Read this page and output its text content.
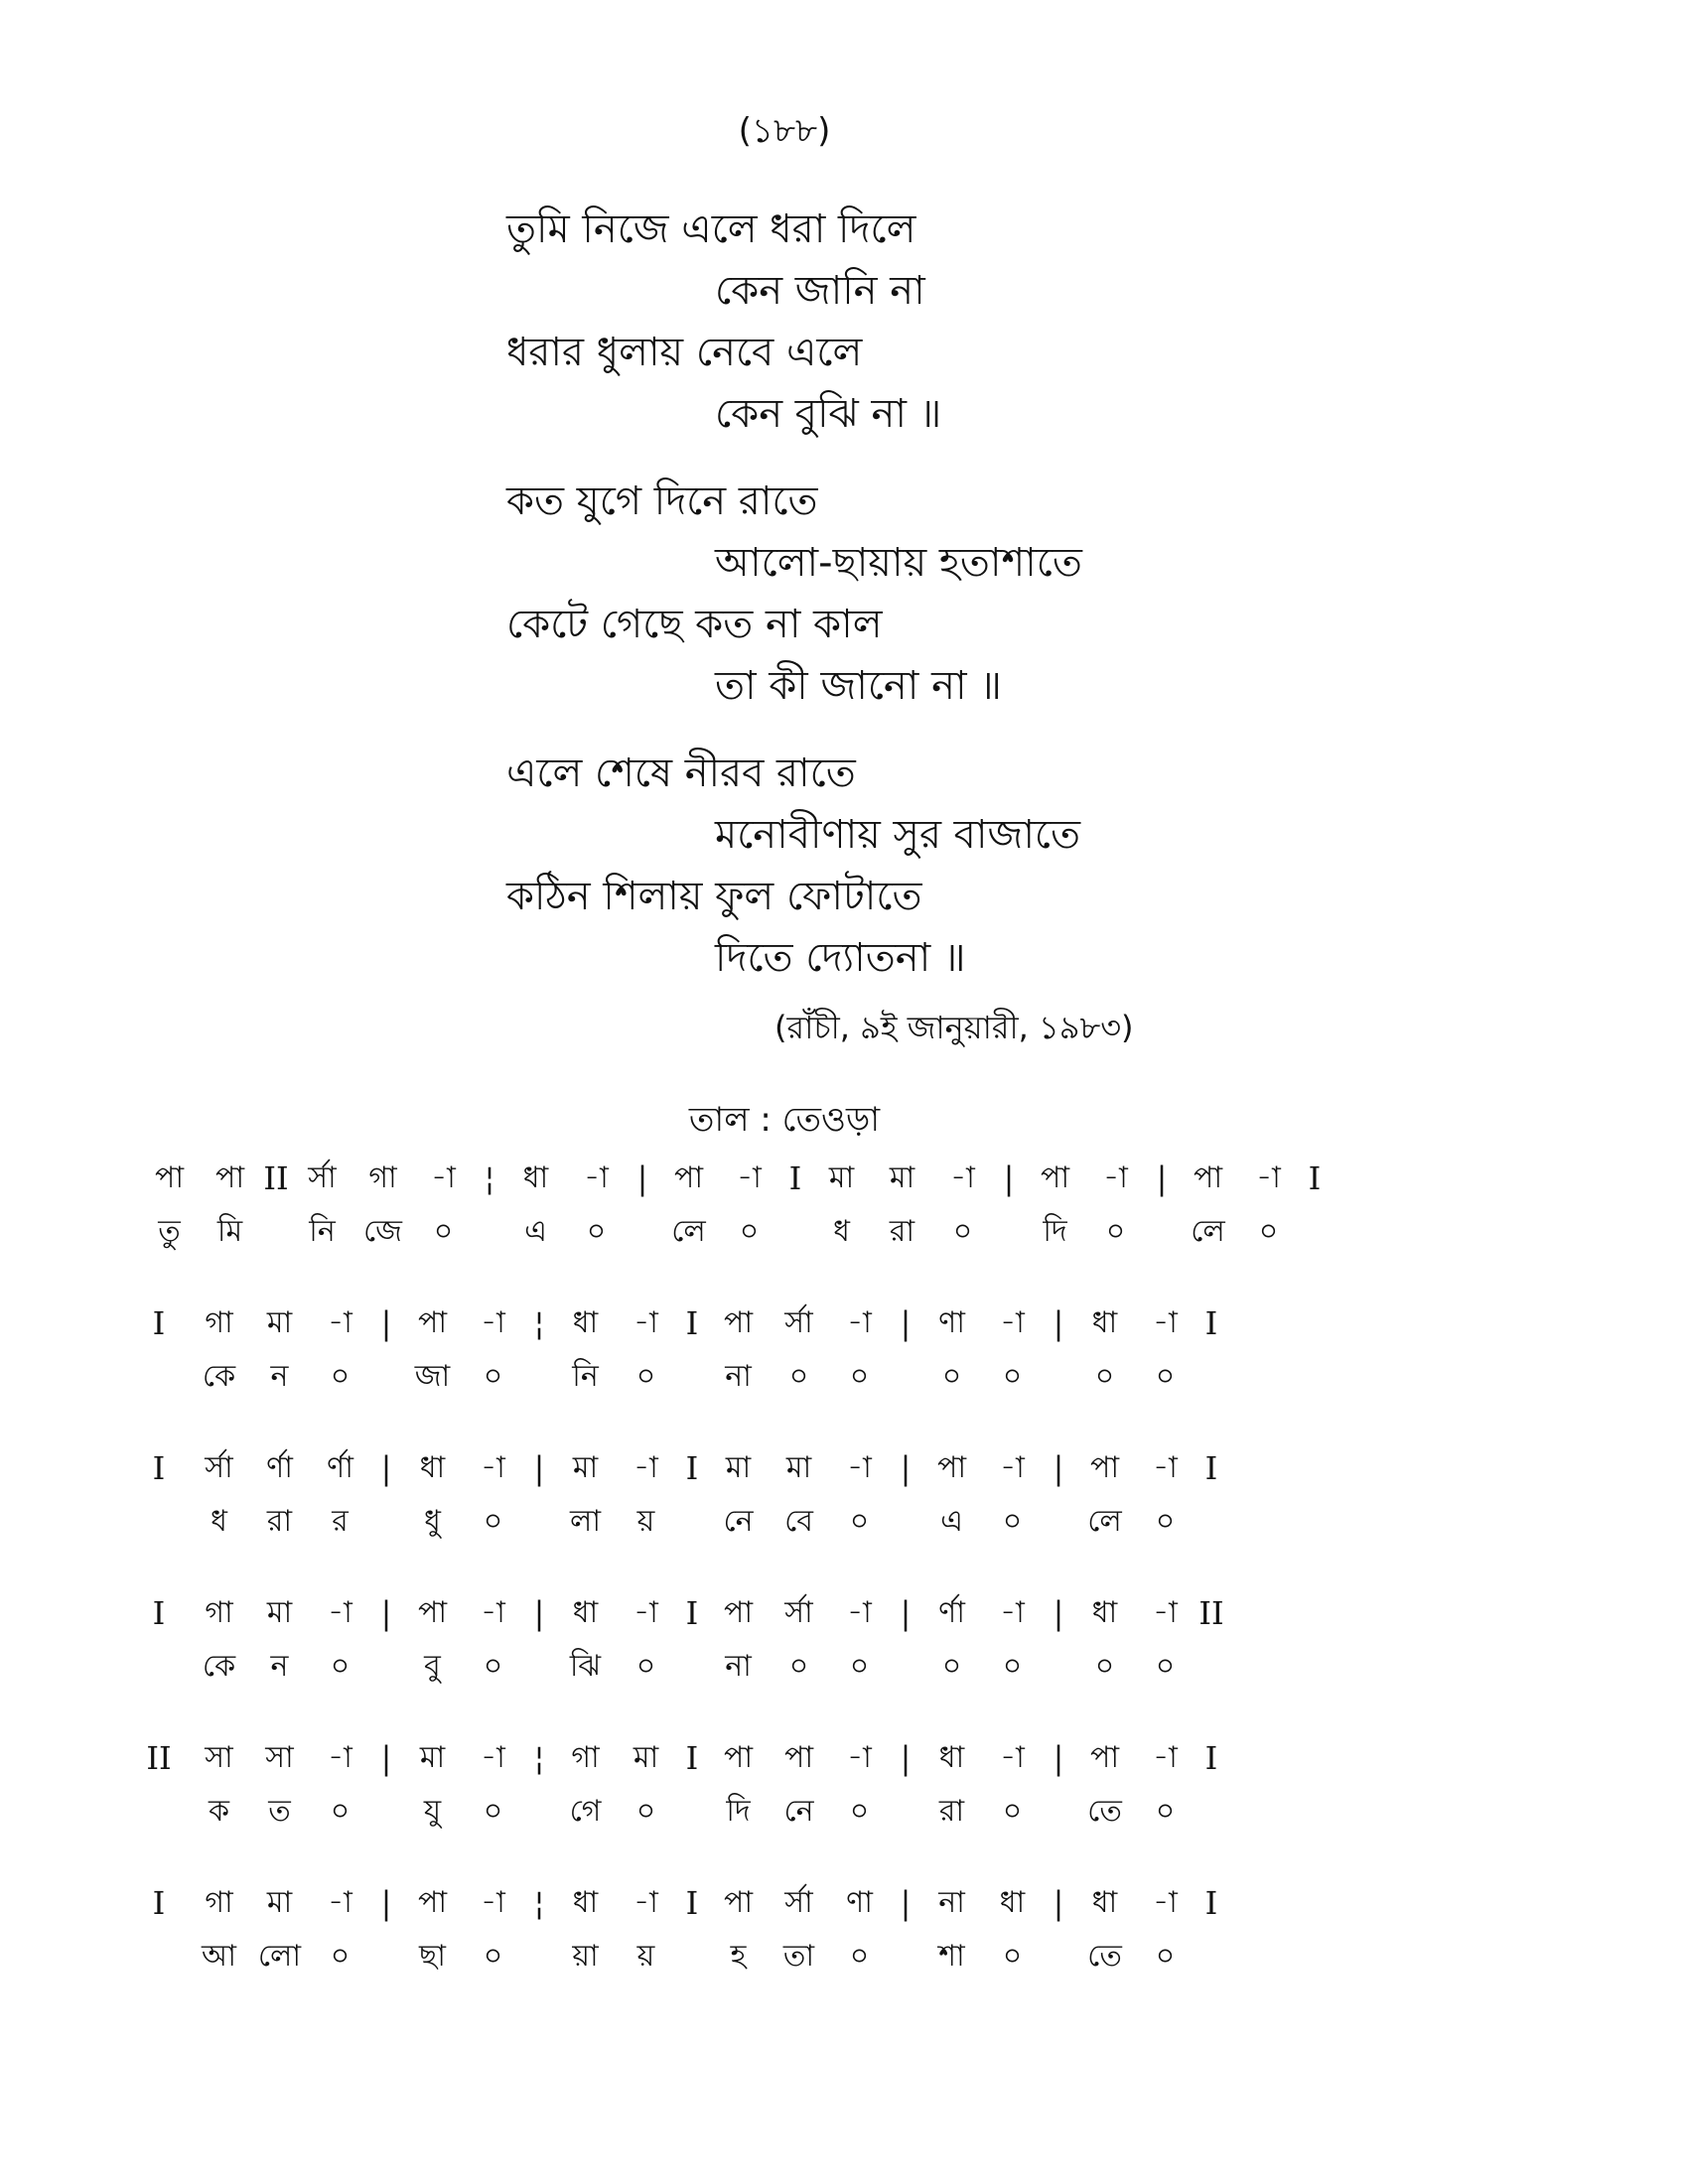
(১৮৮)
তুমি নিজে এলে ধরা দিলে
কেন জানি না
ধরার ধুলায় নেবে এলে
কেন বুঝি না ॥
কত যুগে দিনে রাতে
আলো-ছায়ায় হতাশাতে
কেটে গেছে কত না কাল
তা কী জানো না ॥
এলে শেষে নীরব রাতে
মনোবীণায় সুর বাজাতে
কঠিন শিলায় ফুল ফোটাতে
দিতে দ্যোতনা ॥
(রাঁচী, ৯ই জানুয়ারী, ১৯৮৩)
তাল : তেওড়া
পা	পা II র্সা	গা	-া ¦ ধা	-া | পা	-া I মা	মা	-া | পা	-া | পা	-া I
তু	মি	নি জে	০	এ	০	লে	০	ধ	রা	০	দি	০	লে	০
I	গা	মা	-া | পা	-া ¦ ধা	-া I পা	র্সা	-া | ণা	-া | ধা	-া I
কে	ন	০	জা	০	নি	০	না	০	০	০	০	০	০
I	র্সা	র্ণা	র্ণা | ধা	-া | মা	-া I মা	মা	-া | পা	-া | পা	-া I
ধ	রা	র	ধু	০	লা	য়	নে	বে	০	এ	০	লে	০
I	গা	মা	-া | পা	-া | ধা	-া I পা	র্সা	-া | র্ণা	-া | ধা	-া II
কে	ন	০	বু	০	ঝি	০	না	০	০	০	০	০	০
II	সা	সা	-া | মা	-া ¦ গা	মা I পা	পা	-া | ধা	-া | পা	-া I
ক	ত	০	যু	০	গে	০	দি	নে	০	রা	০	তে	০
I	গা	মা	-া | পা	-া ¦ ধা	-া I পা	র্সা	ণা | না	ধা | ধা	-া I
আ লো ০	ছা	০	য়া	য়	হ	তা	০	শা	০	তে	০
